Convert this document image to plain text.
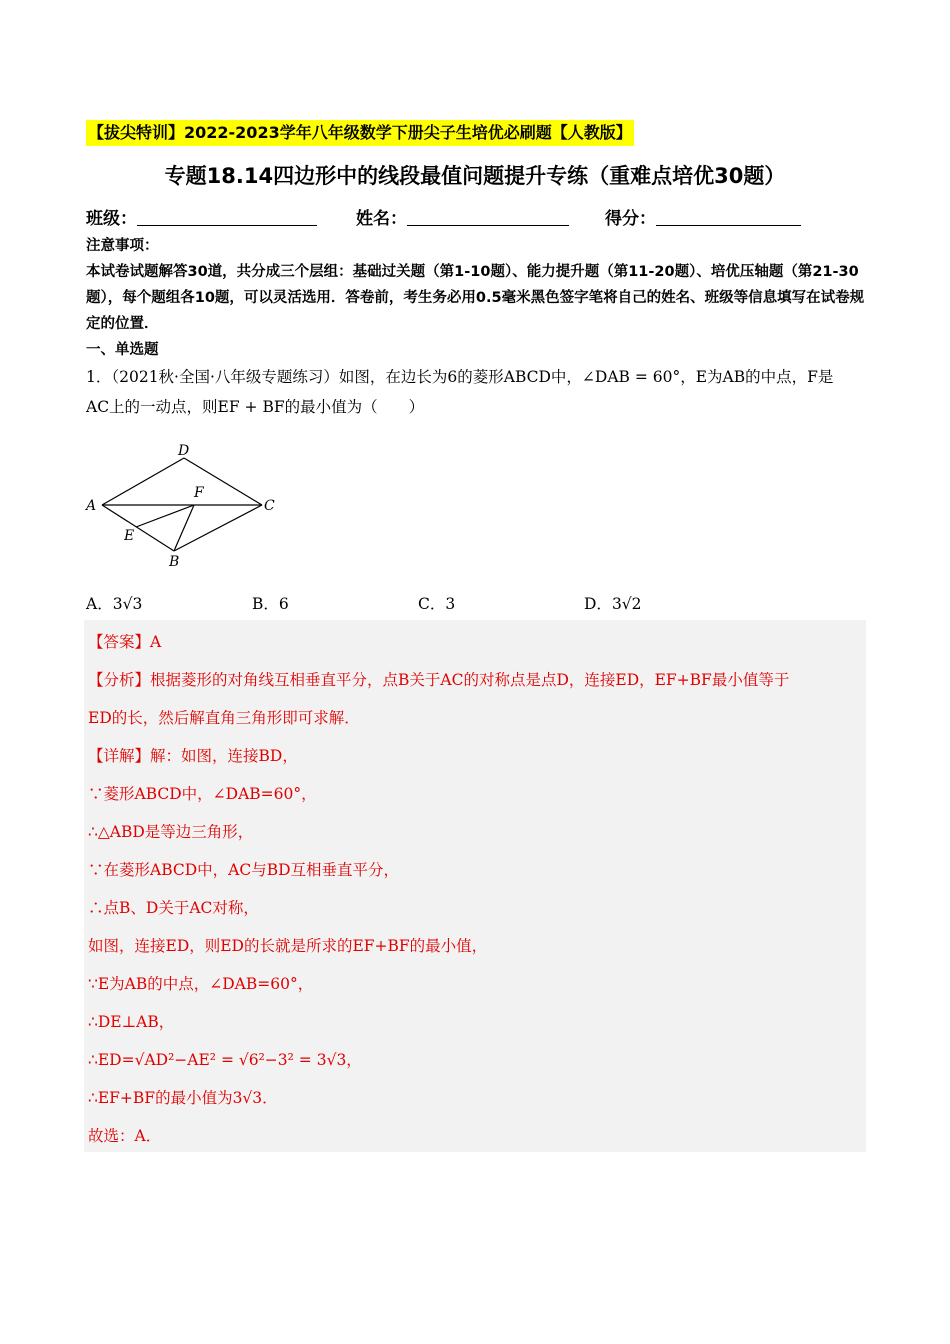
【拔尖特训】2022-2023学年八年级数学下册尖子生培优必刷题【人教版】
专题18.14四边形中的线段最值问题提升专练（重难点培优30题）
班级：	姓名：	得分：
注意事项：
本试卷试题解答30道，共分成三个层组：基础过关题（第1-10题）、能力提升题（第11-20题）、培优压轴题（第21-30题），每个题组各10题，可以灵活选用．答卷前，考生务必用0.5毫米黑色签字笔将自己的姓名、班级等信息填写在试卷规定的位置．
一、单选题
1．（2021秋·全国·八年级专题练习）如图，在边长为6的菱形ABCD中，∠DAB = 60°，E为AB的中点，F是
AC上的一动点，则EF + BF的最小值为（　　）
D
A
F
C
E
B
A．3√3	B．6	C．3	D．3√2
【答案】A
【分析】根据菱形的对角线互相垂直平分，点B关于AC的对称点是点D，连接ED，EF+BF最小值等于
ED的长，然后解直角三角形即可求解．
【详解】解：如图，连接BD，
∵菱形ABCD中，∠DAB=60°，
∴△ABD是等边三角形，
∵在菱形ABCD中，AC与BD互相垂直平分，
∴点B、D关于AC对称，
如图，连接ED，则ED的长就是所求的EF+BF的最小值，
∵E为AB的中点，∠DAB=60°，
∴DE⊥AB，
∴ED=√AD²−AE² = √6²−3² = 3√3，
∴EF+BF的最小值为3√3．
故选：A．
